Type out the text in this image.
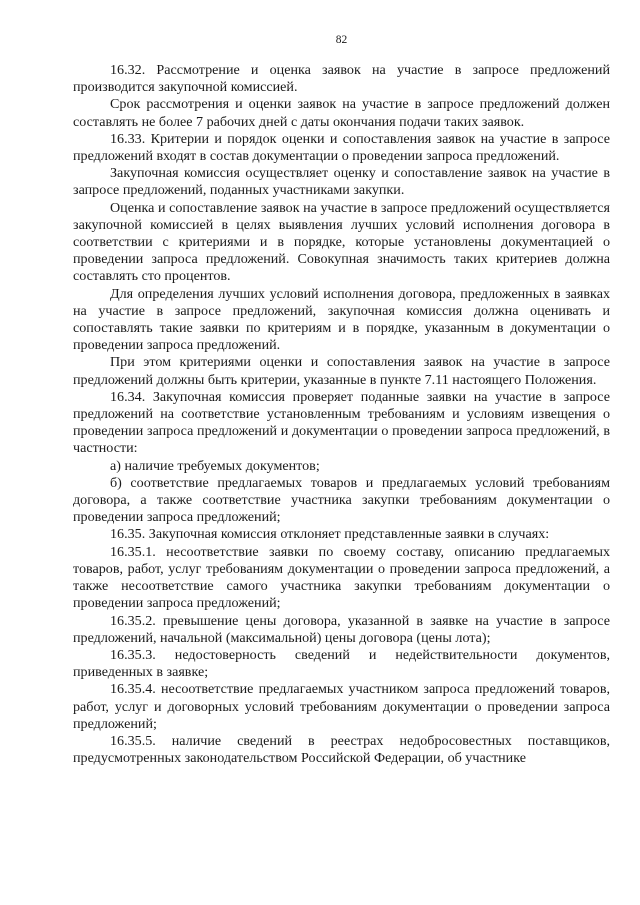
82

16.32. Рассмотрение и оценка заявок на участие в запросе предложений производится закупочной комиссией.

Срок рассмотрения и оценки заявок на участие в запросе предложений должен составлять не более 7 рабочих дней с даты окончания подачи таких заявок.

16.33. Критерии и порядок оценки и сопоставления заявок на участие в запросе предложений входят в состав документации о проведении запроса предложений.

Закупочная комиссия осуществляет оценку и сопоставление заявок на участие в запросе предложений, поданных участниками закупки.

Оценка и сопоставление заявок на участие в запросе предложений осуществляется закупочной комиссией в целях выявления лучших условий исполнения договора в соответствии с критериями и в порядке, которые установлены документацией о проведении запроса предложений. Совокупная значимость таких критериев должна составлять сто процентов.

Для определения лучших условий исполнения договора, предложенных в заявках на участие в запросе предложений, закупочная комиссия должна оценивать и сопоставлять такие заявки по критериям и в порядке, указанным в документации о проведении запроса предложений.

При этом критериями оценки и сопоставления заявок на участие в запросе предложений должны быть критерии, указанные в пункте 7.11 настоящего Положения.

16.34. Закупочная комиссия проверяет поданные заявки на участие в запросе предложений на соответствие установленным требованиям и условиям извещения о проведении запроса предложений и документации о проведении запроса предложений, в частности:

а) наличие требуемых документов;

б) соответствие предлагаемых товаров и предлагаемых условий требованиям договора, а также соответствие участника закупки требованиям документации о проведении запроса предложений;

16.35. Закупочная комиссия отклоняет представленные заявки в случаях:

16.35.1. несоответствие заявки по своему составу, описанию предлагаемых товаров, работ, услуг требованиям документации о проведении запроса предложений, а также несоответствие самого участника закупки требованиям документации о проведении запроса предложений;

16.35.2. превышение цены договора, указанной в заявке на участие в запросе предложений, начальной (максимальной) цены договора (цены лота);

16.35.3. недостоверность сведений и недействительности документов, приведенных в заявке;

16.35.4. несоответствие предлагаемых участником запроса предложений товаров, работ, услуг и договорных условий требованиям документации о проведении запроса предложений;

16.35.5. наличие сведений в реестрах недобросовестных поставщиков, предусмотренных законодательством Российской Федерации, об участнике
